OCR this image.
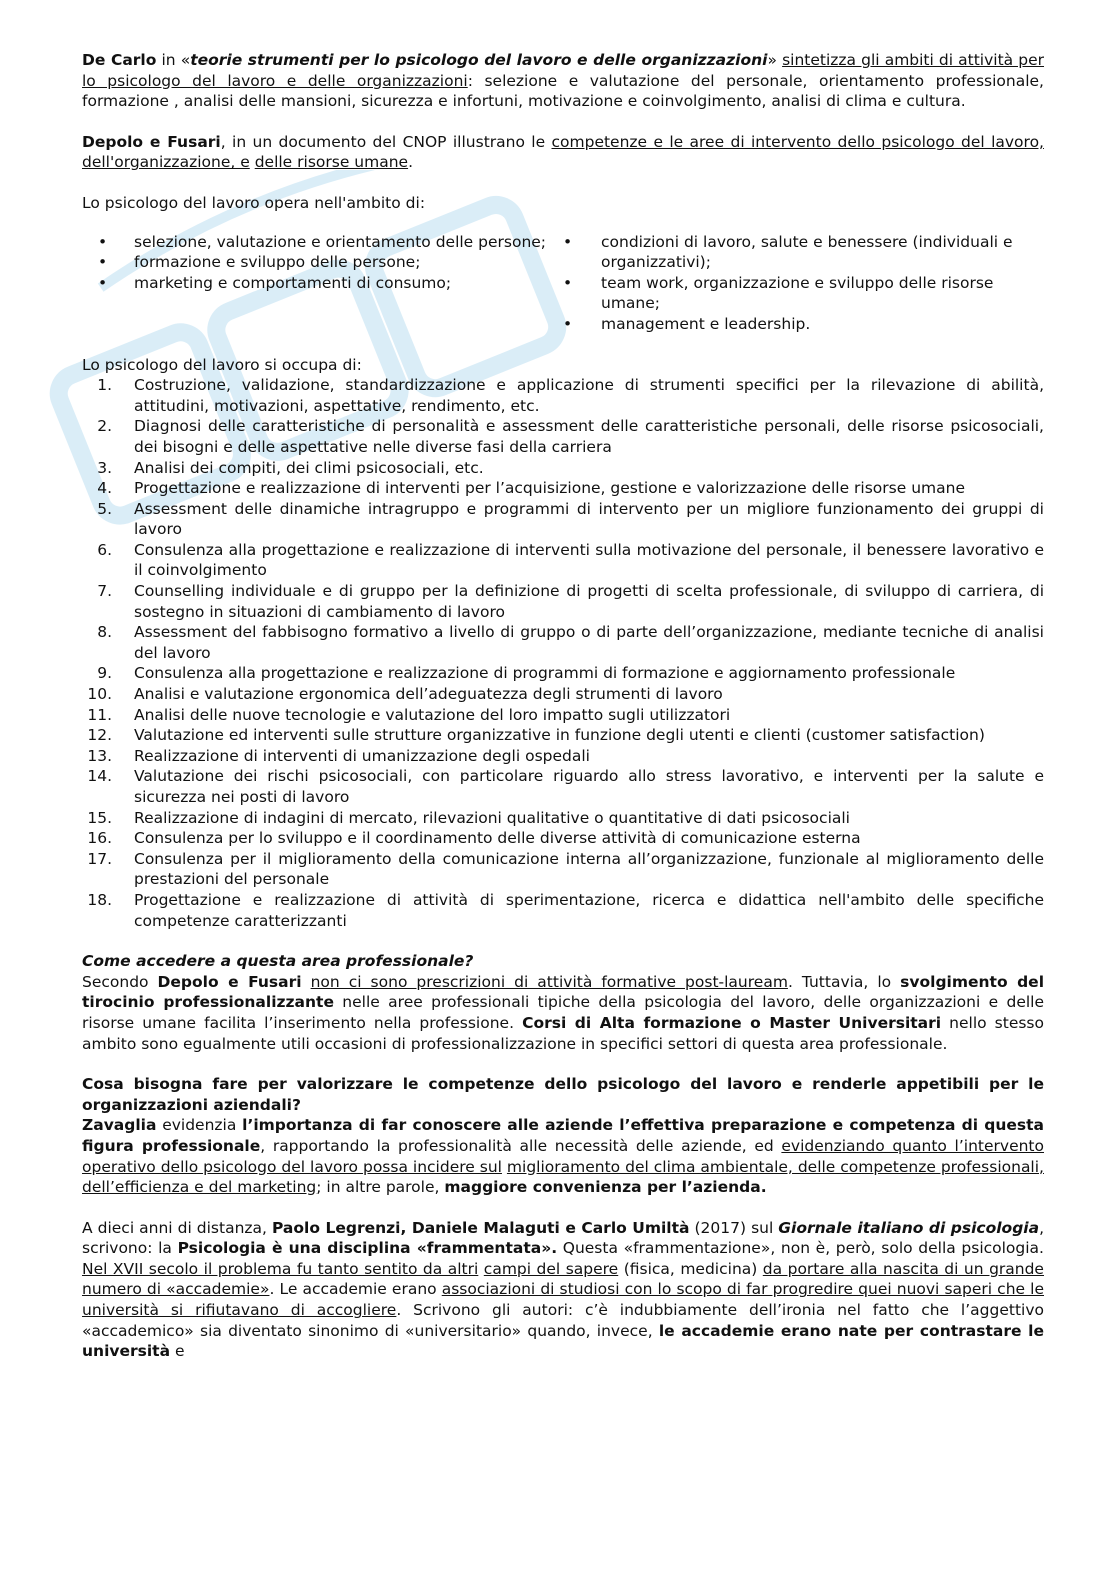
De Carlo in «teorie strumenti per lo psicologo del lavoro e delle organizzazioni» sintetizza gli ambiti di attività per lo psicologo del lavoro e delle organizzazioni: selezione e valutazione del personale, orientamento professionale, formazione , analisi delle mansioni, sicurezza e infortuni, motivazione e coinvolgimento, analisi di clima e cultura.

Depolo e Fusari, in un documento del CNOP illustrano le competenze e le aree di intervento dello psicologo del lavoro, dell'organizzazione, e delle risorse umane.

Lo psicologo del lavoro opera nell'ambito di:

• selezione, valutazione e orientamento delle persone;
• formazione e sviluppo delle persone;
• marketing e comportamenti di consumo;
• condizioni di lavoro, salute e benessere (individuali e organizzativi);
• team work, organizzazione e sviluppo delle risorse umane;
• management e leadership.

Lo psicologo del lavoro si occupa di:

1. Costruzione, validazione, standardizzazione e applicazione di strumenti specifici per la rilevazione di abilità, attitudini, motivazioni, aspettative, rendimento, etc.
2. Diagnosi delle caratteristiche di personalità e assessment delle caratteristiche personali, delle risorse psicosociali, dei bisogni e delle aspettative nelle diverse fasi della carriera
3. Analisi dei compiti, dei climi psicosociali, etc.
4. Progettazione e realizzazione di interventi per l’acquisizione, gestione e valorizzazione delle risorse umane
5. Assessment delle dinamiche intragruppo e programmi di intervento per un migliore funzionamento dei gruppi di lavoro
6. Consulenza alla progettazione e realizzazione di interventi sulla motivazione del personale, il benessere lavorativo e il coinvolgimento
7. Counselling individuale e di gruppo per la definizione di progetti di scelta professionale, di sviluppo di carriera, di sostegno in situazioni di cambiamento di lavoro
8. Assessment del fabbisogno formativo a livello di gruppo o di parte dell’organizzazione, mediante tecniche di analisi del lavoro
9. Consulenza alla progettazione e realizzazione di programmi di formazione e aggiornamento professionale
10. Analisi e valutazione ergonomica dell’adeguatezza degli strumenti di lavoro
11. Analisi delle nuove tecnologie e valutazione del loro impatto sugli utilizzatori
12. Valutazione ed interventi sulle strutture organizzative in funzione degli utenti e clienti (customer satisfaction)
13. Realizzazione di interventi di umanizzazione degli ospedali
14. Valutazione dei rischi psicosociali, con particolare riguardo allo stress lavorativo, e interventi per la salute e sicurezza nei posti di lavoro
15. Realizzazione di indagini di mercato, rilevazioni qualitative o quantitative di dati psicosociali
16. Consulenza per lo sviluppo e il coordinamento delle diverse attività di comunicazione esterna
17. Consulenza per il miglioramento della comunicazione interna all’organizzazione, funzionale al miglioramento delle prestazioni del personale
18. Progettazione e realizzazione di attività di sperimentazione, ricerca e didattica nell'ambito delle specifiche competenze caratterizzanti
Come accedere a questa area professionale?

Secondo Depolo e Fusari non ci sono prescrizioni di attività formative post-lauream. Tuttavia, lo svolgimento del tirocinio professionalizzante nelle aree professionali tipiche della psicologia del lavoro, delle organizzazioni e delle risorse umane facilita l’inserimento nella professione. Corsi di Alta formazione o Master Universitari nello stesso ambito sono egualmente utili occasioni di professionalizzazione in specifici settori di questa area professionale.

Cosa bisogna fare per valorizzare le competenze dello psicologo del lavoro e renderle appetibili per le organizzazioni aziendali?

Zavaglia evidenzia l’importanza di far conoscere alle aziende l’effettiva preparazione e competenza di questa figura professionale, rapportando la professionalità alle necessità delle aziende, ed evidenziando quanto l’intervento operativo dello psicologo del lavoro possa incidere sul miglioramento del clima ambientale, delle competenze professionali, dell’efficienza e del marketing; in altre parole, maggiore convenienza per l’azienda.

A dieci anni di distanza, Paolo Legrenzi, Daniele Malaguti e Carlo Umiltà (2017) sul Giornale italiano di psicologia, scrivono: la Psicologia è una disciplina «frammentata». Questa «frammentazione», non è, però, solo della psicologia. Nel XVII secolo il problema fu tanto sentito da altri campi del sapere (fisica, medicina) da portare alla nascita di un grande numero di «accademie». Le accademie erano associazioni di studiosi con lo scopo di far progredire quei nuovi saperi che le università si rifiutavano di accogliere. Scrivono gli autori: c’è indubbiamente dell’ironia nel fatto che l’aggettivo «accademico» sia diventato sinonimo di «universitario» quando, invece, le accademie erano nate per contrastare le università e
